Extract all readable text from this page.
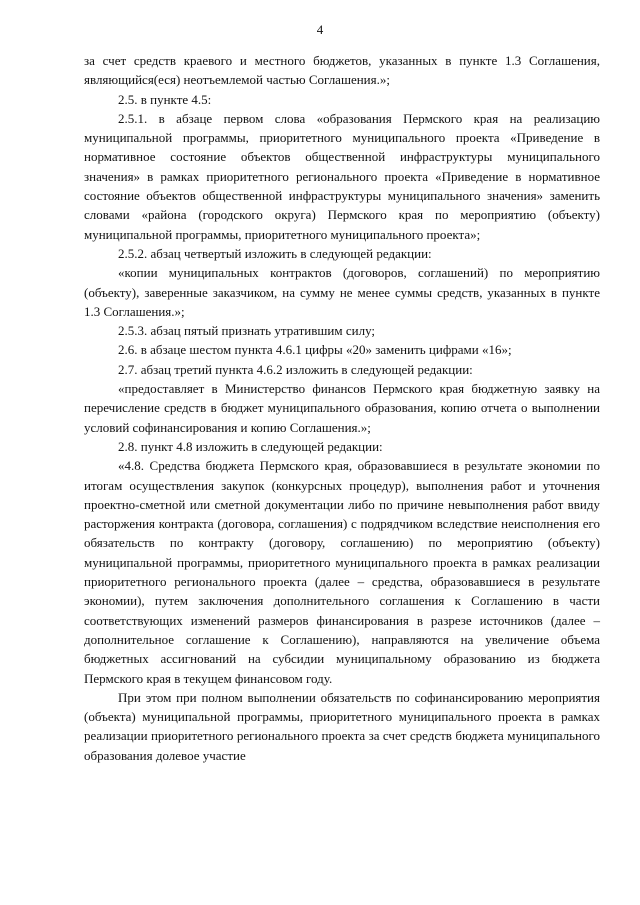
4

за счет средств краевого и местного бюджетов, указанных в пункте 1.3 Соглашения, являющийся(еся) неотъемлемой частью Соглашения.»;

2.5. в пункте 4.5:

2.5.1. в абзаце первом слова «образования Пермского края на реализацию муниципальной программы, приоритетного муниципального проекта «Приведение в нормативное состояние объектов общественной инфраструктуры муниципального значения» в рамках приоритетного регионального проекта «Приведение в нормативное состояние объектов общественной инфраструктуры муниципального значения» заменить словами «района (городского округа) Пермского края по мероприятию (объекту) муниципальной программы, приоритетного муниципального проекта»;

2.5.2. абзац четвертый изложить в следующей редакции:

«копии муниципальных контрактов (договоров, соглашений) по мероприятию (объекту), заверенные заказчиком, на сумму не менее суммы средств, указанных в пункте 1.3 Соглашения.»;

2.5.3. абзац пятый признать утратившим силу;

2.6. в абзаце шестом пункта 4.6.1 цифры «20» заменить цифрами «16»;

2.7. абзац третий пункта 4.6.2 изложить в следующей редакции:

«предоставляет в Министерство финансов Пермского края бюджетную заявку на перечисление средств в бюджет муниципального образования, копию отчета о выполнении условий софинансирования и копию Соглашения.»;

2.8. пункт 4.8 изложить в следующей редакции:

«4.8. Средства бюджета Пермского края, образовавшиеся в результате экономии по итогам осуществления закупок (конкурсных процедур), выполнения работ и уточнения проектно-сметной или сметной документации либо по причине невыполнения работ ввиду расторжения контракта (договора, соглашения) с подрядчиком вследствие неисполнения его обязательств по контракту (договору, соглашению) по мероприятию (объекту) муниципальной программы, приоритетного муниципального проекта в рамках реализации приоритетного регионального проекта (далее – средства, образовавшиеся в результате экономии), путем заключения дополнительного соглашения к Соглашению в части соответствующих изменений размеров финансирования в разрезе источников (далее – дополнительное соглашение к Соглашению), направляются на увеличение объема бюджетных ассигнований на субсидии муниципальному образованию из бюджета Пермского края в текущем финансовом году.

При этом при полном выполнении обязательств по софинансированию мероприятия (объекта) муниципальной программы, приоритетного муниципального проекта в рамках реализации приоритетного регионального проекта за счет средств бюджета муниципального образования долевое участие
